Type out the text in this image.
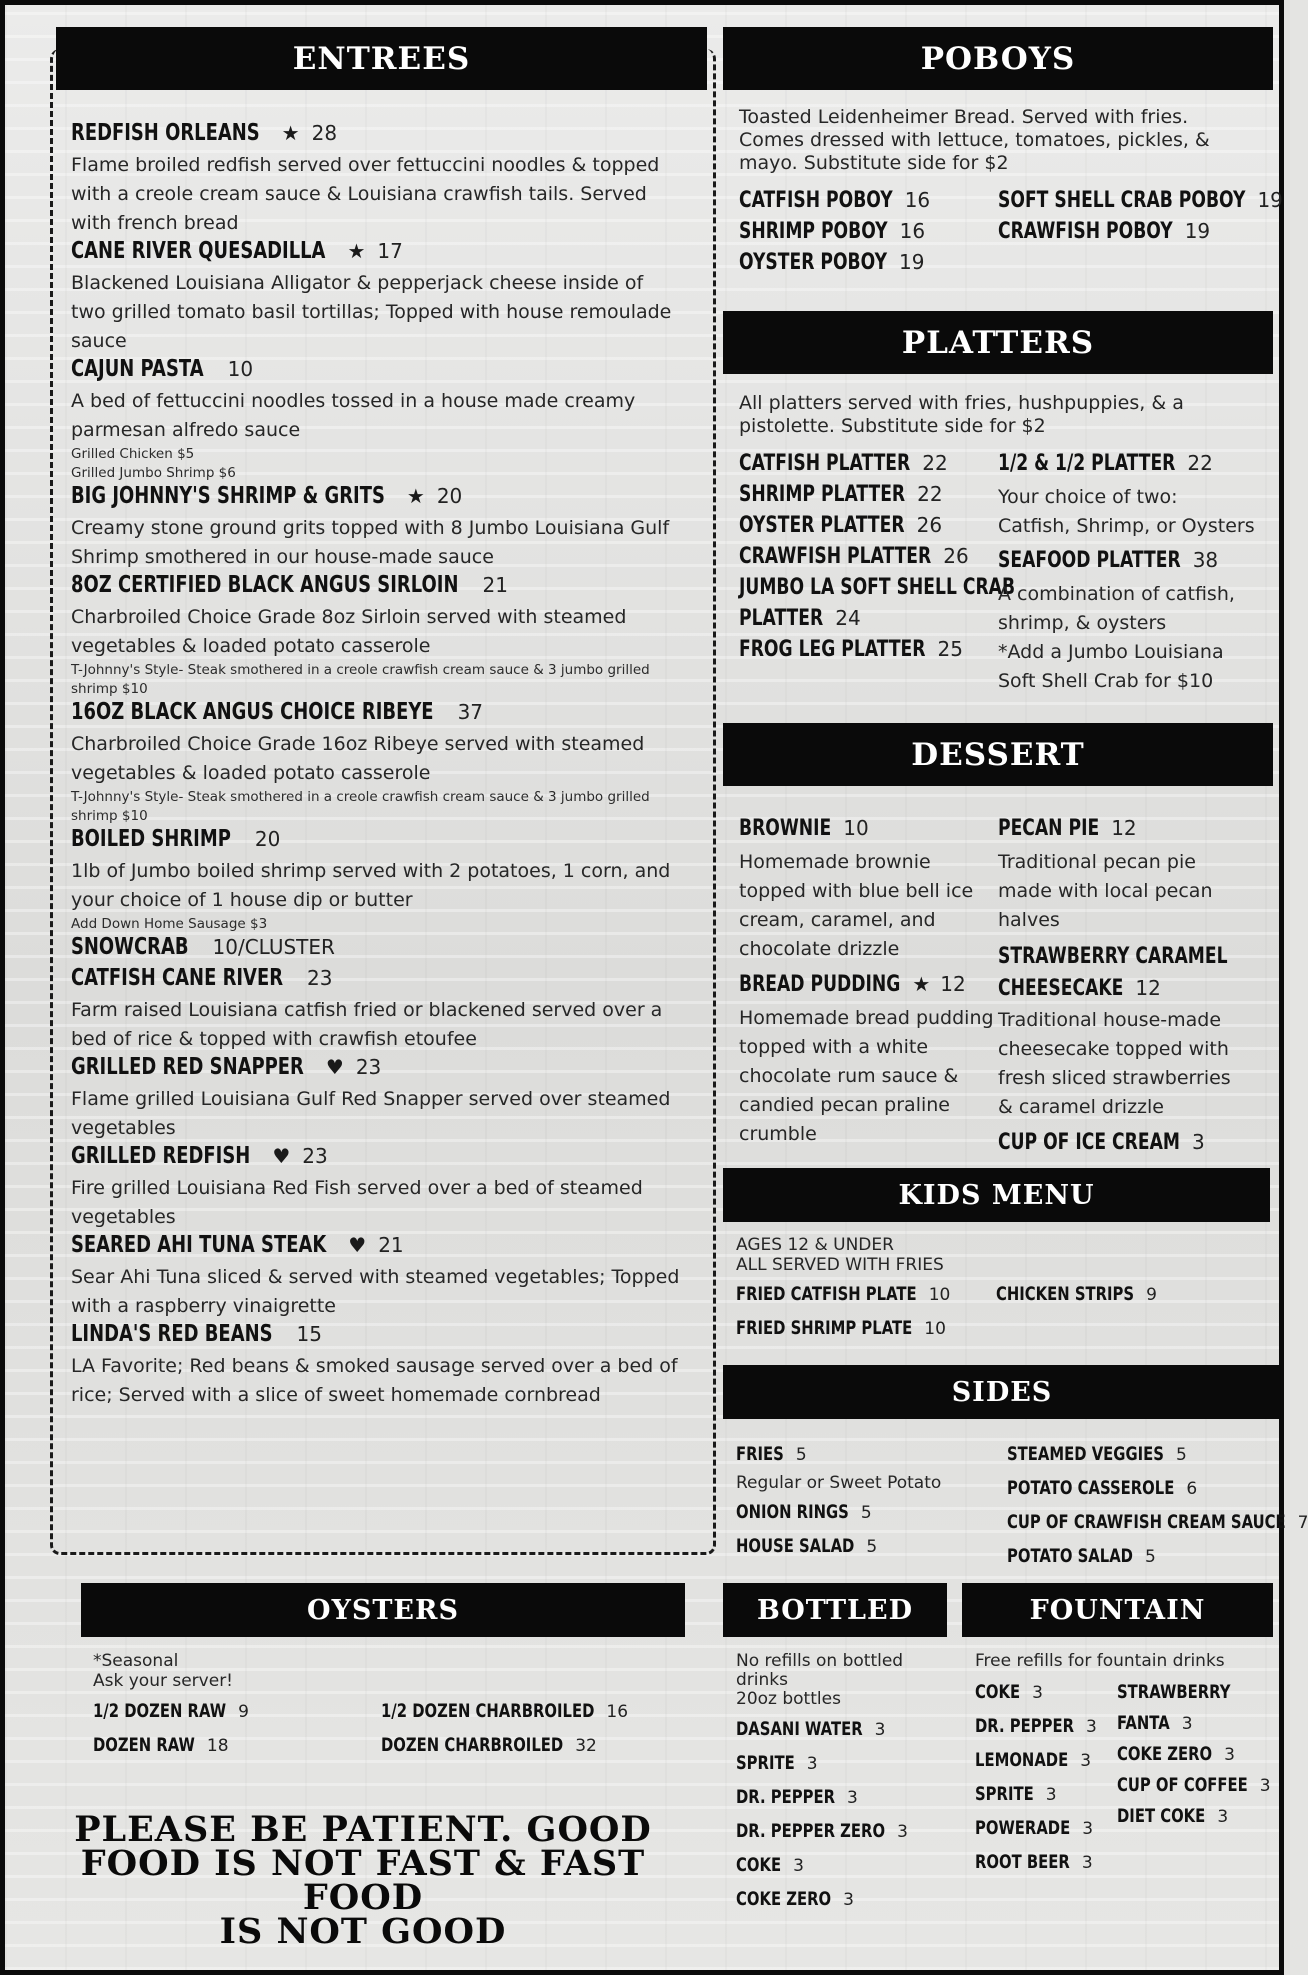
ENTREES
REDFISH ORLEANS ★ 28
Flame broiled redfish served over fettuccini noodles & topped
with a creole cream sauce & Louisiana crawfish tails. Served
with french bread
CANE RIVER QUESADILLA ★ 17
Blackened Louisiana Alligator & pepperjack cheese inside of
two grilled tomato basil tortillas; Topped with house remoulade
sauce
CAJUN PASTA 10
A bed of fettuccini noodles tossed in a house made creamy
parmesan alfredo sauce
Grilled Chicken $5
Grilled Jumbo Shrimp $6
BIG JOHNNY'S SHRIMP & GRITS ★ 20
Creamy stone ground grits topped with 8 Jumbo Louisiana Gulf
Shrimp smothered in our house-made sauce
8OZ CERTIFIED BLACK ANGUS SIRLOIN 21
Charbroiled Choice Grade 8oz Sirloin served with steamed
vegetables & loaded potato casserole
T-Johnny's Style- Steak smothered in a creole crawfish cream sauce & 3 jumbo grilled
shrimp $10
16OZ BLACK ANGUS CHOICE RIBEYE 37
Charbroiled Choice Grade 16oz Ribeye served with steamed
vegetables & loaded potato casserole
T-Johnny's Style- Steak smothered in a creole crawfish cream sauce & 3 jumbo grilled
shrimp $10
BOILED SHRIMP 20
1lb of Jumbo boiled shrimp served with 2 potatoes, 1 corn, and
your choice of 1 house dip or butter
Add Down Home Sausage $3
SNOWCRAB 10/CLUSTER
CATFISH CANE RIVER 23
Farm raised Louisiana catfish fried or blackened served over a
bed of rice & topped with crawfish etoufee
GRILLED RED SNAPPER ♥ 23
Flame grilled Louisiana Gulf Red Snapper served over steamed
vegetables
GRILLED REDFISH ♥ 23
Fire grilled Louisiana Red Fish served over a bed of steamed
vegetables
SEARED AHI TUNA STEAK ♥ 21
Sear Ahi Tuna sliced & served with steamed vegetables; Topped
with a raspberry vinaigrette
LINDA'S RED BEANS 15
LA Favorite; Red beans & smoked sausage served over a bed of
rice; Served with a slice of sweet homemade cornbread
POBOYS
Toasted Leidenheimer Bread. Served with fries.
Comes dressed with lettuce, tomatoes, pickles, &
mayo. Substitute side for $2
CATFISH POBOY 16
SHRIMP POBOY 16
OYSTER POBOY 19
SOFT SHELL CRAB POBOY 19
CRAWFISH POBOY 19
PLATTERS
All platters served with fries, hushpuppies, & a
pistolette. Substitute side for $2
CATFISH PLATTER 22
SHRIMP PLATTER 22
OYSTER PLATTER 26
CRAWFISH PLATTER 26
JUMBO LA SOFT SHELL CRAB
PLATTER 24
FROG LEG PLATTER 25
1/2 & 1/2 PLATTER 22
Your choice of two:
Catfish, Shrimp, or Oysters
SEAFOOD PLATTER 38
A combination of catfish,
shrimp, & oysters
*Add a Jumbo Louisiana
Soft Shell Crab for $10
DESSERT
BROWNIE 10
Homemade brownie
topped with blue bell ice
cream, caramel, and
chocolate drizzle
BREAD PUDDING ★ 12
Homemade bread pudding
topped with a white
chocolate rum sauce &
candied pecan praline
crumble
PECAN PIE 12
Traditional pecan pie
made with local pecan
halves
STRAWBERRY CARAMEL
CHEESECAKE 12
Traditional house-made
cheesecake topped with
fresh sliced strawberries
& caramel drizzle
CUP OF ICE CREAM 3
KIDS MENU
AGES 12 & UNDER
ALL SERVED WITH FRIES
FRIED CATFISH PLATE 10
FRIED SHRIMP PLATE 10
CHICKEN STRIPS 9
SIDES
FRIES 5
Regular or Sweet Potato
ONION RINGS 5
HOUSE SALAD 5
STEAMED VEGGIES 5
POTATO CASSEROLE 6
CUP OF CRAWFISH CREAM SAUCE 7
POTATO SALAD 5
OYSTERS
*Seasonal
Ask your server!
1/2 DOZEN RAW 9
DOZEN RAW 18
1/2 DOZEN CHARBROILED 16
DOZEN CHARBROILED 32
BOTTLED
No refills on bottled
drinks
20oz bottles
DASANI WATER 3
SPRITE 3
DR. PEPPER 3
DR. PEPPER ZERO 3
COKE 3
COKE ZERO 3
FOUNTAIN
Free refills for fountain drinks
COKE 3
DR. PEPPER 3
LEMONADE 3
SPRITE 3
POWERADE 3
ROOT BEER 3
STRAWBERRY
FANTA 3
COKE ZERO 3
CUP OF COFFEE 3
DIET COKE 3
PLEASE BE PATIENT. GOOD
FOOD IS NOT FAST & FAST FOOD
IS NOT GOOD
